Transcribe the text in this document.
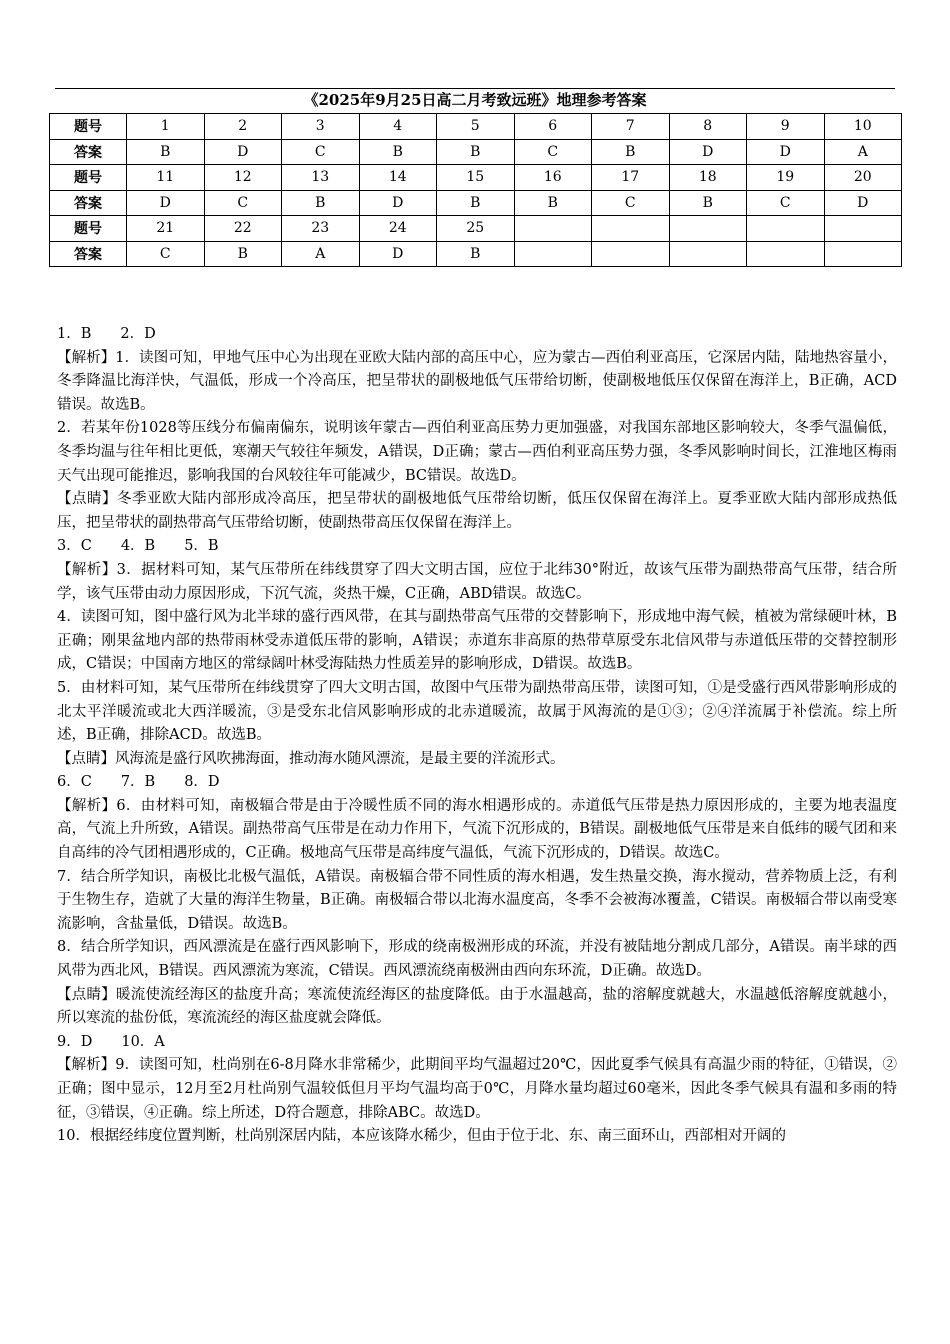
《2025年9月25日高二月考致远班》地理参考答案
题号	1	2	3	4	5	6	7	8	9	10
答案	B	D	C	B	B	C	B	D	D	A
题号	11	12	13	14	15	16	17	18	19	20
答案	D	C	B	D	B	B	C	B	C	D
题号	21	22	23	24	25					
答案	C	B	A	D	B					

1．B　　2．D

【解析】1．读图可知，甲地气压中心为出现在亚欧大陆内部的高压中心，应为蒙古—西伯利亚高压，它深居内陆，陆地热容量小，冬季降温比海洋快，气温低，形成一个冷高压，把呈带状的副极地低气压带给切断，使副极地低压仅保留在海洋上，B正确，ACD错误。故选B。

2．若某年份1028等压线分布偏南偏东，说明该年蒙古—西伯利亚高压势力更加强盛，对我国东部地区影响较大，冬季气温偏低，冬季均温与往年相比更低，寒潮天气较往年频发，A错误，D正确；蒙古—西伯利亚高压势力强，冬季风影响时间长，江淮地区梅雨天气出现可能推迟，影响我国的台风较往年可能减少，BC错误。故选D。

【点睛】冬季亚欧大陆内部形成冷高压，把呈带状的副极地低气压带给切断，低压仅保留在海洋上。夏季亚欧大陆内部形成热低压，把呈带状的副热带高气压带给切断，使副热带高压仅保留在海洋上。

3．C　　4．B　　5．B

【解析】3．据材料可知，某气压带所在纬线贯穿了四大文明古国，应位于北纬30°附近，故该气压带为副热带高气压带，结合所学，该气压带由动力原因形成，下沉气流，炎热干燥，C正确，ABD错误。故选C。

4．读图可知，图中盛行风为北半球的盛行西风带，在其与副热带高气压带的交替影响下，形成地中海气候，植被为常绿硬叶林，B正确；刚果盆地内部的热带雨林受赤道低压带的影响，A错误；赤道东非高原的热带草原受东北信风带与赤道低压带的交替控制形成，C错误；中国南方地区的常绿阔叶林受海陆热力性质差异的影响形成，D错误。故选B。

5．由材料可知，某气压带所在纬线贯穿了四大文明古国，故图中气压带为副热带高压带，读图可知，①是受盛行西风带影响形成的北太平洋暖流或北大西洋暖流，③是受东北信风影响形成的北赤道暖流，故属于风海流的是①③；②④洋流属于补偿流。综上所述，B正确，排除ACD。故选B。

【点睛】风海流是盛行风吹拂海面，推动海水随风漂流，是最主要的洋流形式。

6．C　　7．B　　8．D

【解析】6．由材料可知，南极辐合带是由于冷暖性质不同的海水相遇形成的。赤道低气压带是热力原因形成的，主要为地表温度高，气流上升所致，A错误。副热带高气压带是在动力作用下，气流下沉形成的，B错误。副极地低气压带是来自低纬的暖气团和来自高纬的冷气团相遇形成的，C正确。极地高气压带是高纬度气温低，气流下沉形成的，D错误。故选C。

7．结合所学知识，南极比北极气温低，A错误。南极辐合带不同性质的海水相遇，发生热量交换，海水搅动，营养物质上泛，有利于生物生存，造就了大量的海洋生物量，B正确。南极辐合带以北海水温度高，冬季不会被海冰覆盖，C错误。南极辐合带以南受寒流影响，含盐量低，D错误。故选B。

8．结合所学知识，西风漂流是在盛行西风影响下，形成的绕南极洲形成的环流，并没有被陆地分割成几部分，A错误。南半球的西风带为西北风，B错误。西风漂流为寒流，C错误。西风漂流绕南极洲由西向东环流，D正确。故选D。

【点睛】暖流使流经海区的盐度升高；寒流使流经海区的盐度降低。由于水温越高，盐的溶解度就越大，水温越低溶解度就越小，所以寒流的盐份低，寒流流经的海区盐度就会降低。

9．D　　10．A

【解析】9．读图可知，杜尚别在6-8月降水非常稀少，此期间平均气温超过20℃，因此夏季气候具有高温少雨的特征，①错误，②正确；图中显示，12月至2月杜尚别气温较低但月平均气温均高于0℃，月降水量均超过60毫米，因此冬季气候具有温和多雨的特征，③错误，④正确。综上所述，D符合题意，排除ABC。故选D。

10．根据经纬度位置判断，杜尚别深居内陆，本应该降水稀少，但由于位于北、东、南三面环山，西部相对开阔的
